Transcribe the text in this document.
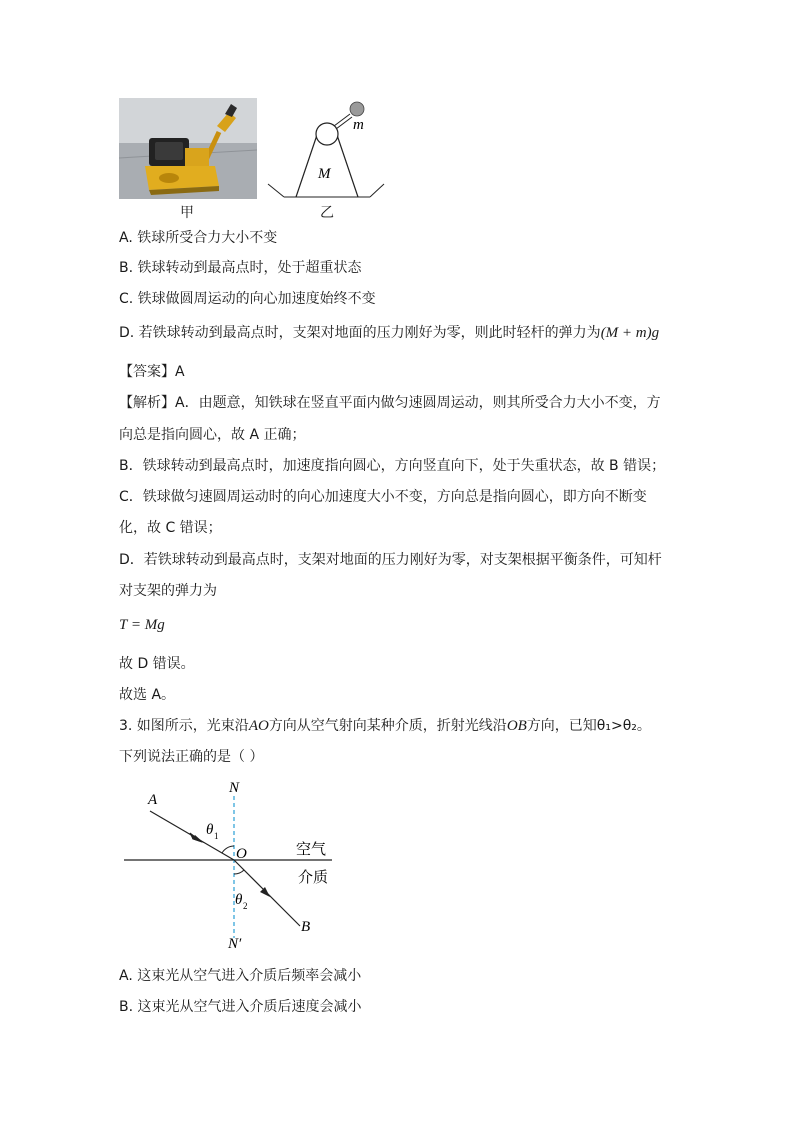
甲
m
M
乙
A. 铁球所受合力大小不变
B. 铁球转动到最高点时，处于超重状态
C. 铁球做圆周运动的向心加速度始终不变
D. 若铁球转动到最高点时，支架对地面的压力刚好为零，则此时轻杆的弹力为(M + m)g
【答案】A
【解析】A．由题意，知铁球在竖直平面内做匀速圆周运动，则其所受合力大小不变，方
向总是指向圆心，故 A 正确；
B．铁球转动到最高点时，加速度指向圆心，方向竖直向下，处于失重状态，故 B 错误；
C．铁球做匀速圆周运动时的向心加速度大小不变，方向总是指向圆心，即方向不断变
化，故 C 错误；
D．若铁球转动到最高点时，支架对地面的压力刚好为零，对支架根据平衡条件，可知杆
对支架的弹力为
T = Mg
故 D 错误。
故选 A。
3. 如图所示，光束沿AO方向从空气射向某种介质，折射光线沿OB方向，已知θ₁>θ₂。
下列说法正确的是（ ）
A
N
O
θ 1
θ 2
B
N′
空气
介质
A. 这束光从空气进入介质后频率会减小
B. 这束光从空气进入介质后速度会减小
